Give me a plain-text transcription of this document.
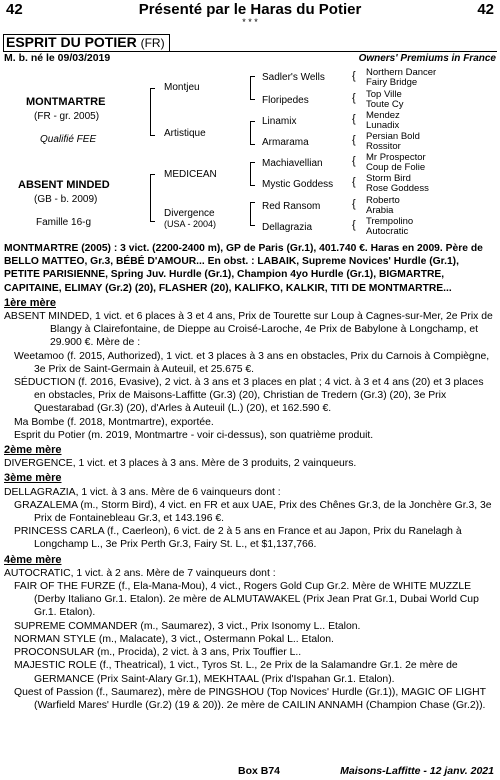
42	Présenté par le Haras du Potier	42
* * *
ESPRIT DU POTIER (FR)
M. b. né le 09/03/2019	Owners' Premiums in France
MONTMARTRE
(FR - gr. 2005)
Qualifié FEE
ABSENT MINDED
(GB - b. 2009)
Famille 16-g
Montjeu
Artistique
MEDICEAN
Divergence
(USA - 2004)
Sadler's Wells
Floripedes
Linamix
Armarama
Machiavellian
Mystic Goddess
Red Ransom
Dellagrazia
{
{
{
{
{
{
{
{
Northern Dancer
Fairy Bridge
Top Ville
Toute Cy
Mendez
Lunadix
Persian Bold
Rossitor
Mr Prospector
Coup de Folie
Storm Bird
Rose Goddess
Roberto
Arabia
Trempolino
Autocratic

MONTMARTRE (2005) : 3 vict. (2200-2400 m), GP de Paris (Gr.1), 401.740 €. Haras en 2009. Père de BELLO MATTEO, Gr.3, BÉBÉ D'AMOUR... En obst. : LABAIK, Supreme Novices' Hurdle (Gr.1), PETITE PARISIENNE, Spring Juv. Hurdle (Gr.1), Champion 4yo Hurdle (Gr.1), BIGMARTRE, CAPITAINE, ELIMAY (Gr.2) (20), FLASHER (20), KALIFKO, KALKIR, TITI DE MONTMARTRE...

1ère mère

ABSENT MINDED, 1 vict. et 6 places à 3 et 4 ans, Prix de Tourette sur Loup à Cagnes-sur-Mer, 2e Prix de Blangy à Clairefontaine, de Dieppe au Croisé-Laroche, 4e Prix de Babylone à Longchamp, et 29.900 €. Mère de :

Weetamoo (f. 2015, Authorized), 1 vict. et 3 places à 3 ans en obstacles, Prix du Carnois à Compiègne, 3e Prix de Saint-Germain à Auteuil, et 25.675 €.

SÉDUCTION (f. 2016, Evasive), 2 vict. à 3 ans et 3 places en plat ; 4 vict. à 3 et 4 ans (20) et 3 places en obstacles, Prix de Maisons-Laffitte (Gr.3) (20), Christian de Tredern (Gr.3) (20), 3e Prix Questarabad (Gr.3) (20), d'Arles à Auteuil (L.) (20), et 162.590 €.

Ma Bombe (f. 2018, Montmartre), exportée.

Esprit du Potier (m. 2019, Montmartre - voir ci-dessus), son quatrième produit.

2ème mère

DIVERGENCE, 1 vict. et 3 places à 3 ans. Mère de 3 produits, 2 vainqueurs.

3ème mère

DELLAGRAZIA, 1 vict. à 3 ans. Mère de 6 vainqueurs dont :

GRAZALEMA (m., Storm Bird), 4 vict. en FR et aux UAE, Prix des Chênes Gr.3, de la Jonchère Gr.3, 3e Prix de Fontainebleau Gr.3, et 143.196 €.

PRINCESS CARLA (f., Caerleon), 6 vict. de 2 à 5 ans en France et au Japon, Prix du Ranelagh à Longchamp L., 3e Prix Perth Gr.3, Fairy St. L., et $1,137,766.

4ème mère

AUTOCRATIC, 1 vict. à 2 ans. Mère de 7 vainqueurs dont :

FAIR OF THE FURZE (f., Ela-Mana-Mou), 4 vict., Rogers Gold Cup Gr.2. Mère de WHITE MUZZLE (Derby Italiano Gr.1. Etalon). 2e mère de ALMUTAWAKEL (Prix Jean Prat Gr.1, Dubai World Cup Gr.1. Etalon).

SUPREME COMMANDER (m., Saumarez), 3 vict., Prix Isonomy L.. Etalon.

NORMAN STYLE (m., Malacate), 3 vict., Ostermann Pokal L.. Etalon.

PROCONSULAR (m., Procida), 2 vict. à 3 ans, Prix Touffier L..

MAJESTIC ROLE (f., Theatrical), 1 vict., Tyros St. L., 2e Prix de la Salamandre Gr.1. 2e mère de GERMANCE (Prix Saint-Alary Gr.1), MEKHTAAL (Prix d'Ispahan Gr.1. Etalon).

Quest of Passion (f., Saumarez), mère de PINGSHOU (Top Novices' Hurdle (Gr.1)), MAGIC OF LIGHT (Warfield Mares' Hurdle (Gr.2) (19 & 20)). 2e mère de CAILIN ANNAMH (Champion Chase (Gr.2)).

Box B74	Maisons-Laffitte - 12 janv. 2021
